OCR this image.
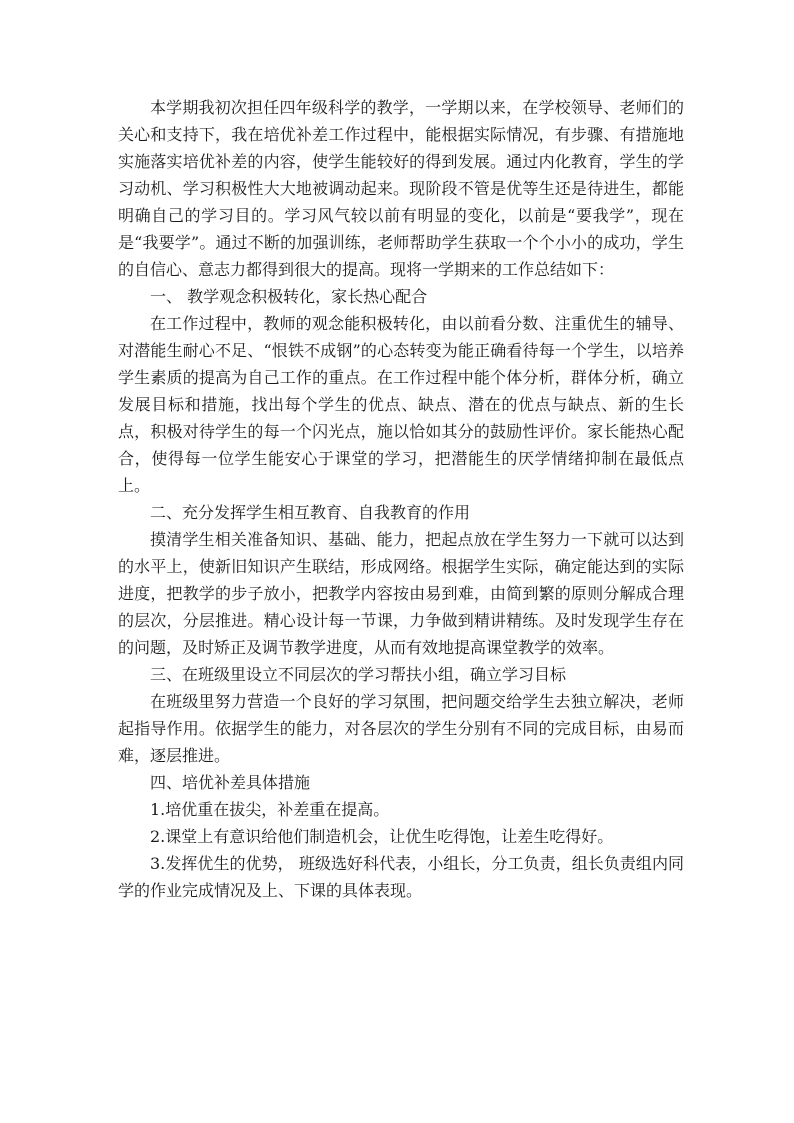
本学期我初次担任四年级科学的教学，一学期以来，在学校领导、老师们的关心和支持下，我在培优补差工作过程中，能根据实际情况，有步骤、有措施地实施落实培优补差的内容，使学生能较好的得到发展。通过内化教育，学生的学习动机、学习积极性大大地被调动起来。现阶段不管是优等生还是待进生，都能明确自己的学习目的。学习风气较以前有明显的变化，以前是“要我学”，现在是“我要学”。通过不断的加强训练，老师帮助学生获取一个个小小的成功，学生的自信心、意志力都得到很大的提高。现将一学期来的工作总结如下：

一、 教学观念积极转化，家长热心配合

在工作过程中，教师的观念能积极转化，由以前看分数、注重优生的辅导、对潜能生耐心不足、“恨铁不成钢”的心态转变为能正确看待每一个学生，以培养学生素质的提高为自己工作的重点。在工作过程中能个体分析，群体分析，确立发展目标和措施，找出每个学生的优点、缺点、潜在的优点与缺点、新的生长点，积极对待学生的每一个闪光点，施以恰如其分的鼓励性评价。家长能热心配合，使得每一位学生能安心于课堂的学习，把潜能生的厌学情绪抑制在最低点上。

二、充分发挥学生相互教育、自我教育的作用

摸清学生相关准备知识、基础、能力，把起点放在学生努力一下就可以达到的水平上，使新旧知识产生联结，形成网络。根据学生实际，确定能达到的实际进度，把教学的步子放小，把教学内容按由易到难，由简到繁的原则分解成合理的层次，分层推进。精心设计每一节课，力争做到精讲精练。及时发现学生存在的问题，及时矫正及调节教学进度，从而有效地提高课堂教学的效率。

三、在班级里设立不同层次的学习帮扶小组，确立学习目标

在班级里努力营造一个良好的学习氛围，把问题交给学生去独立解决，老师起指导作用。依据学生的能力，对各层次的学生分别有不同的完成目标，由易而难，逐层推进。

四、培优补差具体措施

1.培优重在拔尖，补差重在提高。

2.课堂上有意识给他们制造机会，让优生吃得饱，让差生吃得好。

3.发挥优生的优势， 班级选好科代表，小组长，分工负责，组长负责组内同学的作业完成情况及上、下课的具体表现。
